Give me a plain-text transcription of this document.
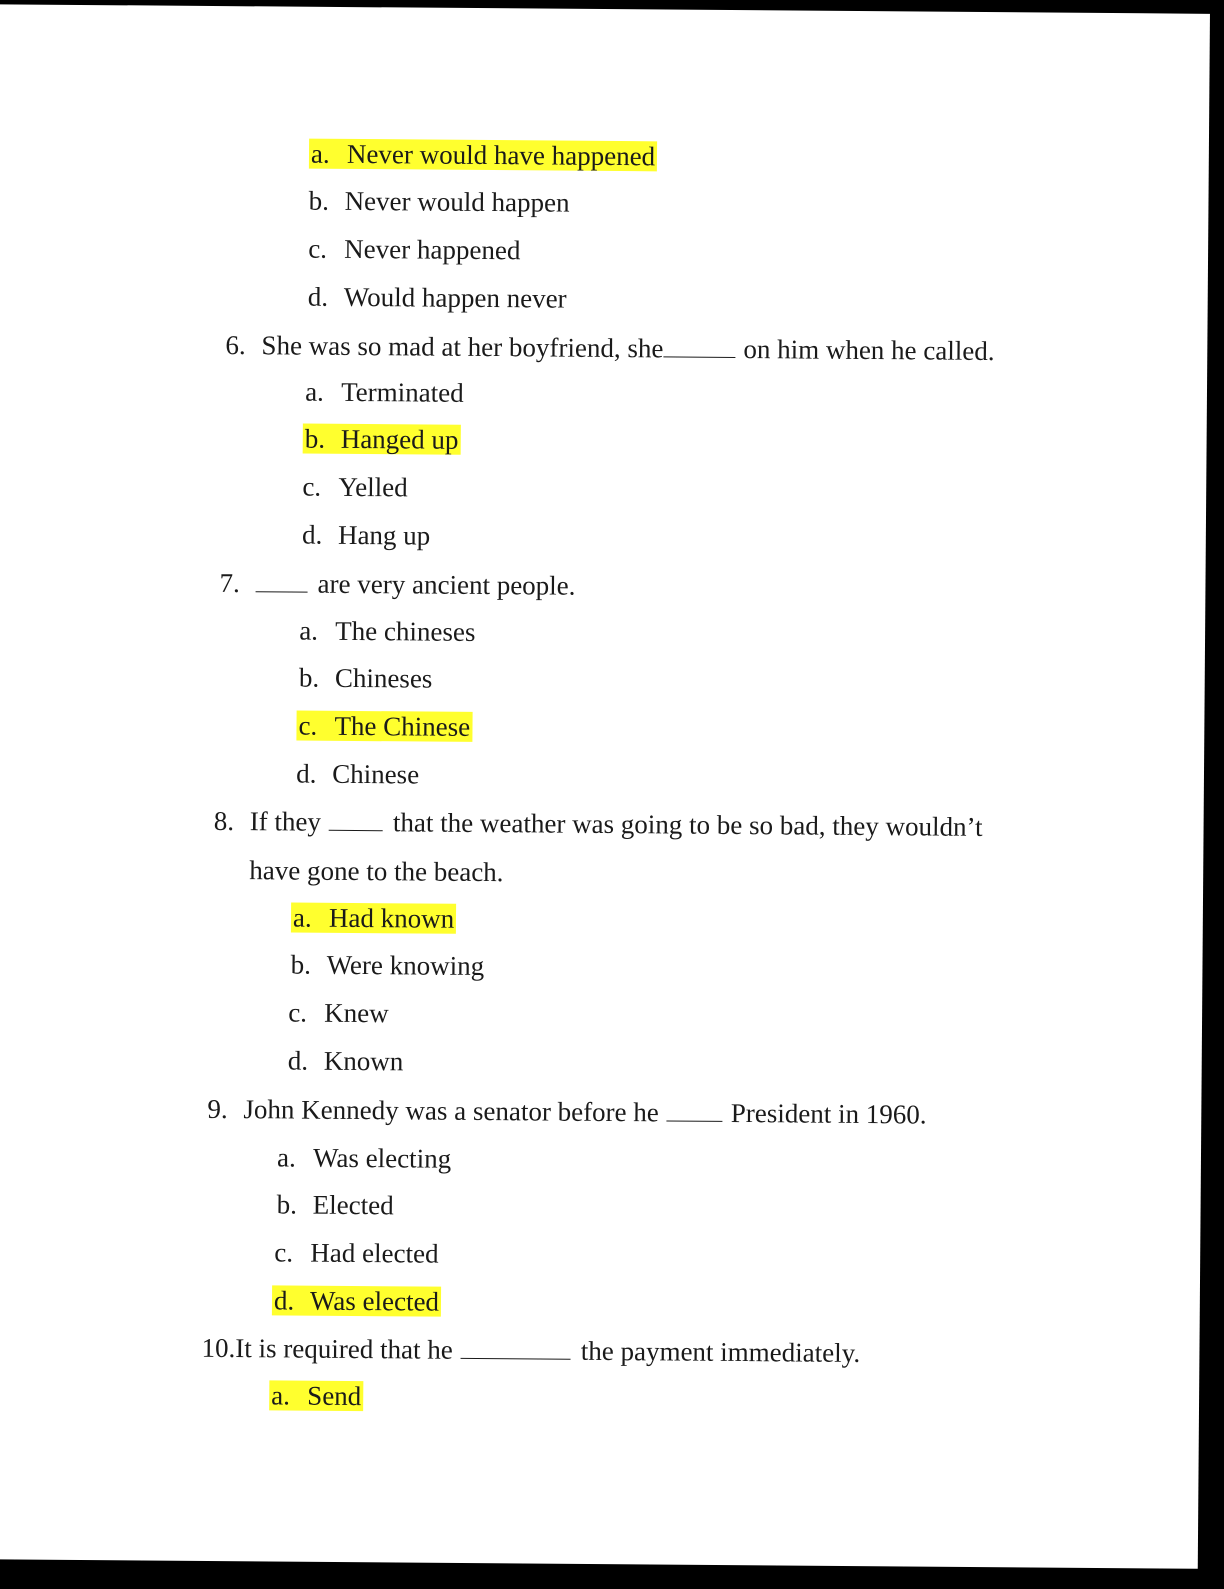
a. Never would have happened
b. Never would happen
c. Never happened
d. Would happen never
6. She was so mad at her boyfriend, she	on him when he called.
a. Terminated
b. Hanged up
c. Yelled
d. Hang up
7.	are very ancient people.
a. The chineses
b. Chineses
c. The Chinese
d. Chinese
8. If they	that the weather was going to be so bad, they wouldn’t
have gone to the beach.
a. Had known
b. Were knowing
c. Knew
d. Known
9. John Kennedy was a senator before he	President in 1960.
a. Was electing
b. Elected
c. Had elected
d. Was elected
10.It is required that he	the payment immediately.
a. Send
